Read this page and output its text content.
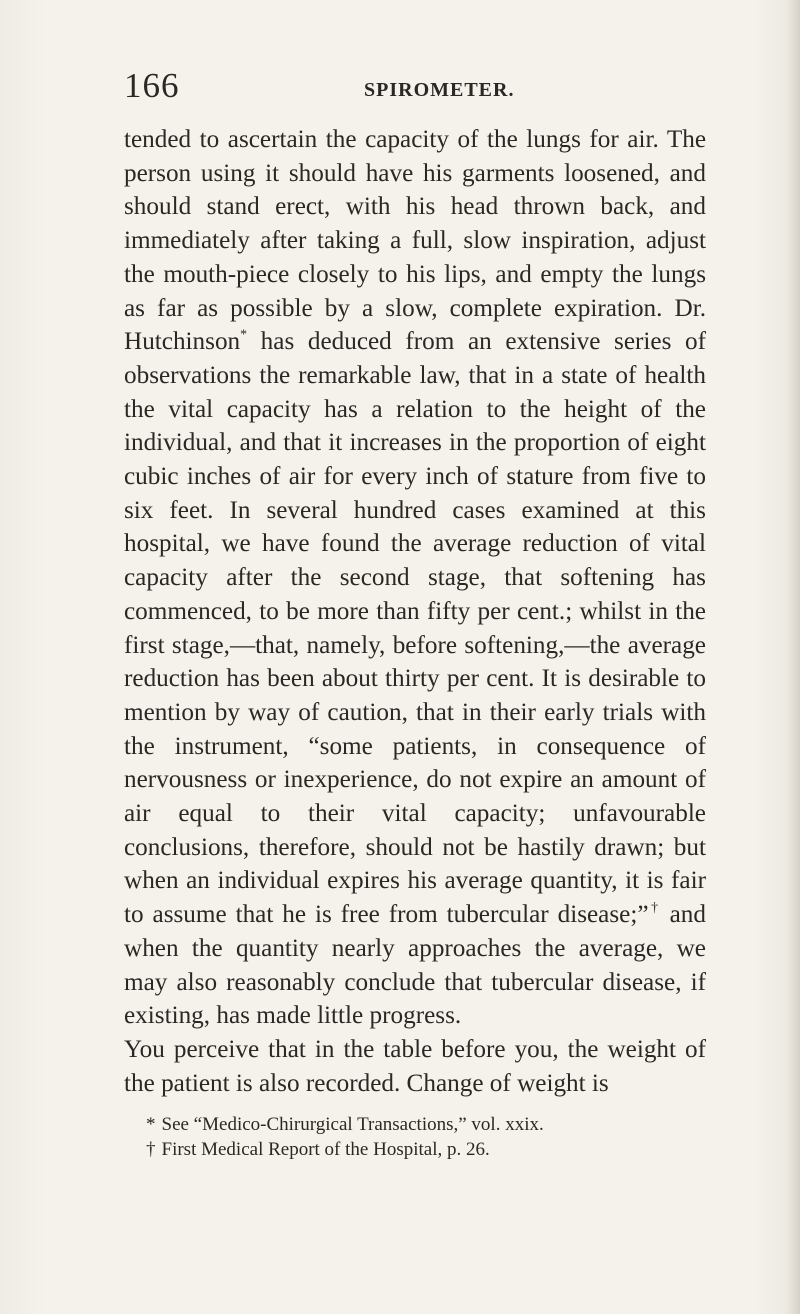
166	SPIROMETER.

tended to ascertain the capacity of the lungs for air. The person using it should have his garments loosened, and should stand erect, with his head thrown back, and immediately after taking a full, slow inspiration, adjust the mouth-piece closely to his lips, and empty the lungs as far as possible by a slow, complete expiration. Dr. Hutchinson* has deduced from an extensive series of observations the remarkable law, that in a state of health the vital capacity has a relation to the height of the individual, and that it increases in the proportion of eight cubic inches of air for every inch of stature from five to six feet. In several hundred cases examined at this hospital, we have found the average reduction of vital capacity after the second stage, that softening has commenced, to be more than fifty per cent.; whilst in the first stage,—that, namely, before softening,—the average reduction has been about thirty per cent. It is desirable to mention by way of caution, that in their early trials with the instrument, “some patients, in consequence of nervousness or inexperience, do not expire an amount of air equal to their vital capacity; unfavourable conclusions, therefore, should not be hastily drawn; but when an individual expires his average quantity, it is fair to assume that he is free from tubercular disease;”† and when the quantity nearly approaches the average, we may also reasonably conclude that tubercular disease, if existing, has made little progress.
You perceive that in the table before you, the weight of the patient is also recorded. Change of weight is

* See “Medico-Chirurgical Transactions,” vol. xxix.
† First Medical Report of the Hospital, p. 26.
